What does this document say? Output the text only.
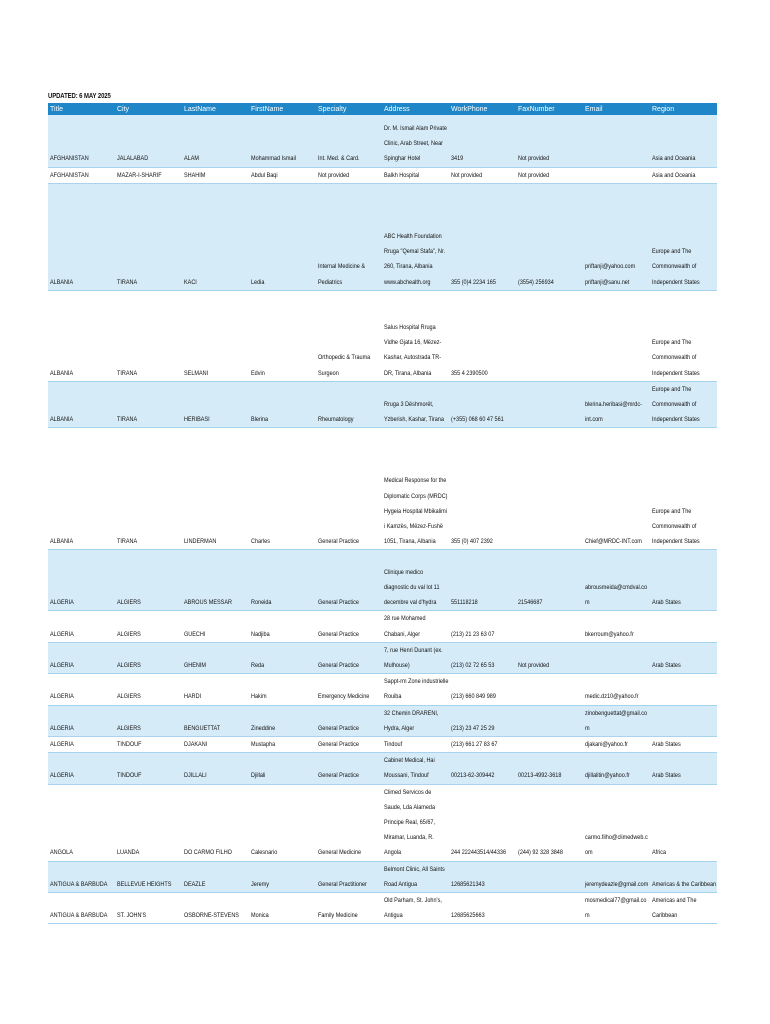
UPDATED: 6 MAY 2025
Title	City	LastName	FirstName	Specialty	Address	WorkPhone	FaxNumber	Email	Region

AFGHANISTAN	JALALABAD	ALAM	Mohammad Ismail	Int. Med. & Card.	Dr. M. Ismail Alam Private Clinic, Arab Street, Near Spinghar Hotel	3419	Not provided		Asia and Oceania

AFGHANISTAN	MAZAR-I-SHARIF	SHAHIM	Abdul Baqi	Not provided	Balkh Hospital	Not provided	Not provided		Asia and Oceania

ALBANIA	TIRANA	KACI	Ledia	Internal Medicine & Pediatrics	ABC Health Foundation Rruga "Qemal Stafa", Nr. 260, Tirana, Albania www.abchealth.org	355 (0)4 2234 165	(3554) 256934	priftanji@yahoo.com priftanji@sanu.net	Europe and The Commonwealth of Independent States

ALBANIA	TIRANA	SELMANI	Edvin	Orthopedic & Trauma Surgeon	Salus Hospital Rruga Vidhe Gjata 16, Mëzez-Kashar, Autostrada TR-DR, Tirana, Albania	355 4 2390500			Europe and The Commonwealth of Independent States

ALBANIA	TIRANA	HERIBASI	Blerina	Rheumatology	Rruga 3 Dëshmorët, Yzberish, Kashar, Tirana	(+355) 068 60 47 561		blerina.heribasi@mrdc-int.com	Europe and The Commonwealth of Independent States

ALBANIA	TIRANA	LINDERMAN	Charles	General Practice	Medical Response for the Diplomatic Corps (MRDC) Hygeia Hospital Mbikalimi i Kamzës, Mëzez-Fushë 1051, Tirana, Albania	355 (0) 407 2392		Chief@MRDC-INT.com	Europe and The Commonwealth of Independent States

ALGERIA	ALGIERS	ABROUS MESSAR	Roneida	General Practice	Clinique medico diagnostic du val lot 11 decembre val d'hydra	551118218	21546687	abrousmeida@cmdval.com	Arab States

ALGERIA	ALGIERS	GUECHI	Nadjiba	General Practice	28 rue Mohamed Chabani, Alger	(213) 21 23 63 07		bkerroum@yahoo.fr	

ALGERIA	ALGIERS	GHENIM	Reda	General Practice	7, rue Henri Dunant (ex. Mulhouse)	(213) 02 72 65 53	Not provided		Arab States

ALGERIA	ALGIERS	HARDI	Hakim	Emergency Medicine	Sappt-rm Zone industrielle Rouiba	(213) 660 849 989		medic.dz10@yahoo.fr	

ALGERIA	ALGIERS	BENGUETTAT	Zineddine	General Practice	32 Chemin DRARENI, Hydra, Alger	(213) 23 47 25 29		zinobenguettat@gmail.com	

ALGERIA	TINDOUF	DJAKANI	Mustapha	General Practice	Tindouf	(213) 661 27 83 67		djakani@yahoo.fr	Arab States

ALGERIA	TINDOUF	DJILLALI	Djillali	General Practice	Cabinet Medical, Hai Moussani, Tindouf	00213-62-309442	00213-4992-3618	djillalitin@yahoo.fr	Arab States

ANGOLA	LUANDA	DO CARMO FILHO	Calesnario	General Medicine	Climed Servicos de Saude, Lda Alameda Principe Real, 65/67, Miramar, Luanda, R. Angola	244 222443514/44336	(244) 92 328 3848	carmo.filho@climedweb.com	Africa

ANTIGUA & BARBUDA	BELLEVUE HEIGHTS	DEAZLE	Jeremy	General Practitioner	Belmont Clinic, All Saints Road Antigua	12685621343		jeremydeazle@gmail.com	Americas & the Caribbean

ANTIGUA & BARBUDA	ST. JOHN'S	OSBORNE-STEVENS	Monica	Family Medicine	Old Parham, St. John's, Antigua	12685625663		mosmedical77@gmail.com	Americas and The Caribbean
